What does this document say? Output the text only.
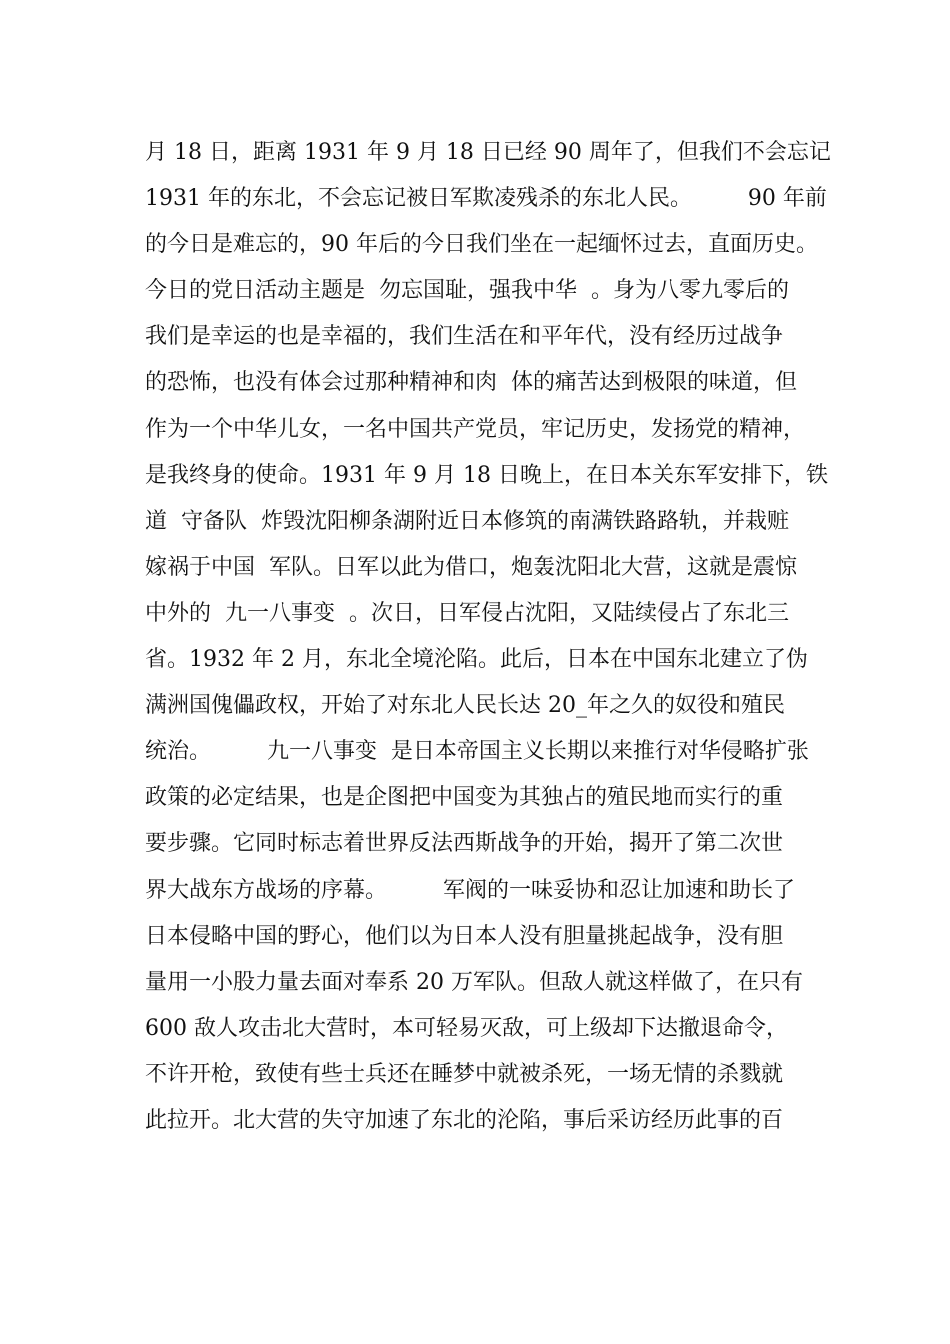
月 18 日，距离 1931 年 9 月 18 日已经 90 周年了，但我们不会忘记

1931 年的东北，不会忘记被日军欺凌残杀的东北人民。        90 年前

的今日是难忘的，90 年后的今日我们坐在一起缅怀过去，直面历史。

今日的党日活动主题是  勿忘国耻，强我中华  。身为八零九零后的

我们是幸运的也是幸福的，我们生活在和平年代，没有经历过战争

的恐怖，也没有体会过那种精神和肉  体的痛苦达到极限的味道，但

作为一个中华儿女，一名中国共产党员，牢记历史，发扬党的精神，

是我终身的使命。1931 年 9 月 18 日晚上，在日本关东军安排下，铁

道  守备队  炸毁沈阳柳条湖附近日本修筑的南满铁路路轨，并栽赃

嫁祸于中国  军队。日军以此为借口，炮轰沈阳北大营，这就是震惊

中外的  九一八事变  。次日，日军侵占沈阳，又陆续侵占了东北三

省。1932 年 2 月，东北全境沦陷。此后，日本在中国东北建立了伪

满洲国傀儡政权，开始了对东北人民长达 20_年之久的奴役和殖民

统治。        九一八事变  是日本帝国主义长期以来推行对华侵略扩张

政策的必定结果，也是企图把中国变为其独占的殖民地而实行的重

要步骤。它同时标志着世界反法西斯战争的开始，揭开了第二次世

界大战东方战场的序幕。        军阀的一味妥协和忍让加速和助长了

日本侵略中国的野心，他们以为日本人没有胆量挑起战争，没有胆

量用一小股力量去面对奉系 20 万军队。但敌人就这样做了，在只有

600 敌人攻击北大营时，本可轻易灭敌，可上级却下达撤退命令，

不许开枪，致使有些士兵还在睡梦中就被杀死，一场无情的杀戮就

此拉开。北大营的失守加速了东北的沦陷，事后采访经历此事的百
